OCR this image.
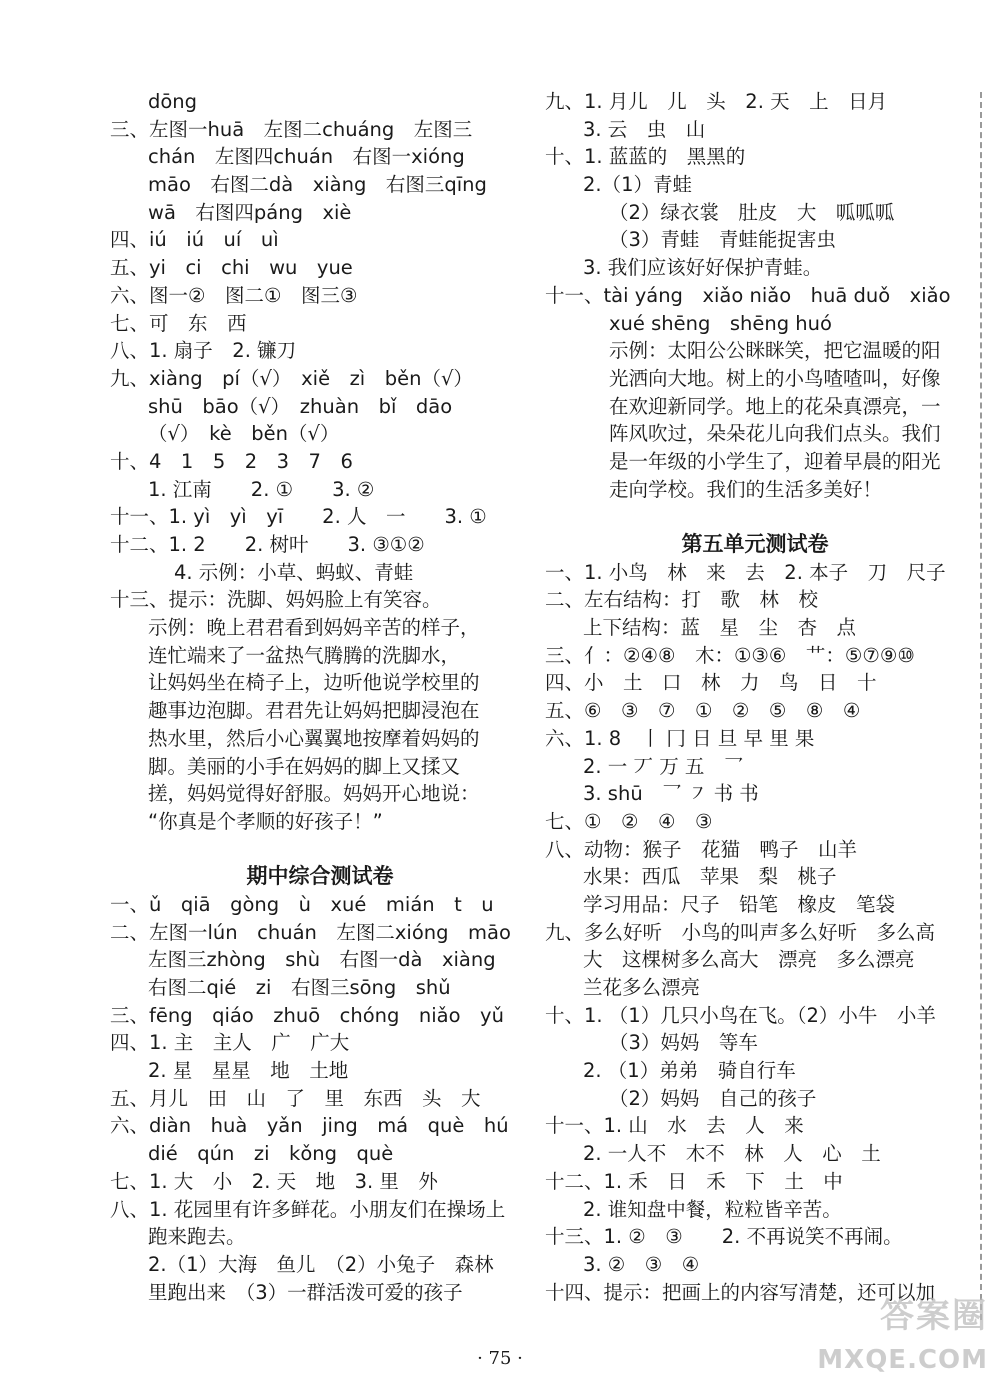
dōng
三、左图一huā　左图二chuáng　左图三
chán　左图四chuán　右图一xióng
māo　右图二dà　xiàng　右图三qīng
wā　右图四páng　xiè
四、iú　iú　uí　uì
五、yi　ci　chi　wu　yue
六、图一②　图二①　图三③
七、可　东　西
八、1. 扇子　2. 镰刀
九、xiàng　pí（√）　xiě　zì　běn（√）
shū　bāo（√）　zhuàn　bǐ　dāo
（√）　kè　běn（√）
十、4　1　5　2　3　7　6
1. 江南　　2. ①　　3. ②
十一、1. yì　yì　yī　　2. 人　一　　3. ①
十二、1. 2　　2. 树叶　　3. ③①②
4. 示例：小草、蚂蚁、青蛙
十三、提示：洗脚、妈妈脸上有笑容。
示例：晚上君君看到妈妈辛苦的样子，
连忙端来了一盆热气腾腾的洗脚水，
让妈妈坐在椅子上，边听他说学校里的
趣事边泡脚。君君先让妈妈把脚浸泡在
热水里，然后小心翼翼地按摩着妈妈的
脚。美丽的小手在妈妈的脚上又揉又
搓，妈妈觉得好舒服。妈妈开心地说：
“你真是个孝顺的好孩子！”
期中综合测试卷
一、ǔ　qiā　gòng　ù　xué　mián　t　u
二、左图一lún　chuán　左图二xióng　māo
左图三zhòng　shù　右图一dà　xiàng
右图二qié　zi　右图三sōng　shǔ
三、fēng　qiáo　zhuō　chóng　niǎo　yǔ
四、1. 主　主人　广　广大
2. 星　星星　地　土地
五、月儿　田　山　了　里　东西　头　大
六、diàn　huà　yǎn　jing　má　què　hú
dié　qún　zi　kǒng　què
七、1. 大　小　2. 天　地　3. 里　外
八、1. 花园里有许多鲜花。小朋友们在操场上
跑来跑去。
2.（1）大海　鱼儿　（2）小兔子　森林
里跑出来　（3）一群活泼可爱的孩子
九、1. 月儿　儿　头　2. 天　上　日月
3. 云　虫　山
十、1. 蓝蓝的　黑黑的
2.（1）青蛙
（2）绿衣裳　肚皮　大　呱呱呱
（3）青蛙　青蛙能捉害虫
3. 我们应该好好保护青蛙。
十一、tài yáng　xiǎo niǎo　huā duǒ　xiǎo
xué shēng　shēng huó
示例：太阳公公眯眯笑，把它温暖的阳
光洒向大地。树上的小鸟喳喳叫，好像
在欢迎新同学。地上的花朵真漂亮，一
阵风吹过，朵朵花儿向我们点头。我们
是一年级的小学生了，迎着早晨的阳光
走向学校。我们的生活多美好！
第五单元测试卷
一、1. 小鸟　林　来　去　2. 本子　刀　尺子
二、左右结构：打　歌　林　校
上下结构：蓝　星　尘　杏　点
三、亻：②④⑧　木：①③⑥　艹：⑤⑦⑨⑩
四、小　土　口　林　力　鸟　日　十
五、⑥　③　⑦　①　②　⑤　⑧　④
六、1. 8　丨 冂 日 旦 早 里 果
2. 一 丆 万 五　乛
3. shū　乛 ㇇ 书 书
七、①　②　④　③
八、动物：猴子　花猫　鸭子　山羊
水果：西瓜　苹果　梨　桃子
学习用品：尺子　铅笔　橡皮　笔袋
九、多么好听　小鸟的叫声多么好听　多么高
大　这棵树多么高大　漂亮　多么漂亮
兰花多么漂亮
十、1. （1）几只小鸟在飞。（2）小牛　小羊
（3）妈妈　等车
2. （1）弟弟　骑自行车
（2）妈妈　自己的孩子
十一、1. 山　水　去　人　来
2. 一人不　木不　林　人　心　土
十二、1. 禾　日　禾　下　土　中
2. 谁知盘中餐，粒粒皆辛苦。
十三、1. ②　③　　2. 不再说笑不再闹。
3. ②　③　④
十四、提示：把画上的内容写清楚，还可以加
· 75 ·
答案圈
MXQE.COM
